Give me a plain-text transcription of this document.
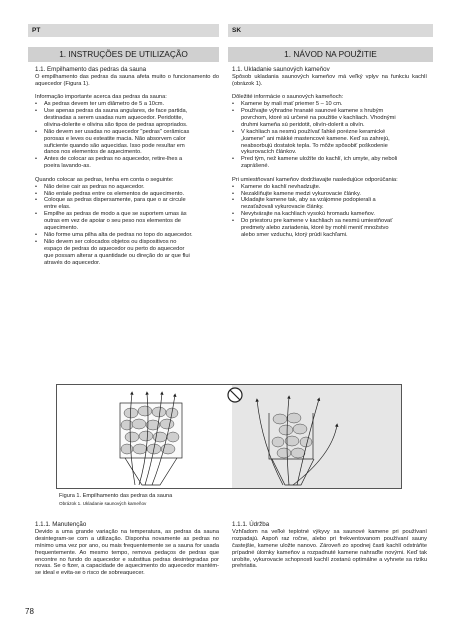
PT	SK
1. INSTRUÇÕES DE UTILIZAÇÃO	1. NÁVOD NA POUŽITIE

1.1. Empilhamento das pedras da sauna

O empilhamento das pedras da sauna afeta muito o funcionamento do aquecedor (Figura 1).

Informação importante acerca das pedras da sauna:

• As pedras devem ter um diâmetro de 5 a 10cm.
• Use apenas pedras da sauna angulares, de face partida, destinadas a serem usadas num aquecedor. Peridotite, olivina-dolerite e olivina são tipos de pedras apropriados.
• Não devem ser usadas no aquecedor "pedras" cerâmicas porosas e leves ou esteatite macia. Não absorvem calor suficiente quando são aquecidas. Isso pode resultar em danos nos elementos de aquecimento.
• Antes de colocar as pedras no aquecedor, retire-lhes a poeira lavando-as.

Quando colocar as pedras, tenha em conta o seguinte:

• Não deixe cair as pedras no aquecedor.
• Não entale pedras entre os elementos de aquecimento.
• Coloque as pedras dispersamente, para que o ar circule entre elas.
• Empilhe as pedras de modo a que se suportem umas às outras em vez de apoiar o seu peso nos elementos de aquecimento.
• Não forme uma pilha alta de pedras no topo do aquecedor.
• Não devem ser colocados objetos ou dispositivos no espaço de pedras do aquecedor ou perto do aquecedor que possam alterar a quantidade ou direção do ar que flui através do aquecedor.

1.1. Ukladanie saunových kameňov

Spôsob ukladania saunových kameňov má veľký vplyv na funkciu kachlí (obrázok 1).

Dôležité informácie o saunových kameňoch:

• Kamene by mali mať priemer 5 – 10 cm.
• Používajte výhradne hranaté saunové kamene s hrubým povrchom, ktoré sú určené na použitie v kachliach. Vhodnými druhmi kameňa sú peridotit, olivín-dolerit a olivín.
• V kachliach sa nesmú používať ľahké porézne keramické „kamene" ani mäkké mastencové kamene. Keď sa zahrejú, neabsorbujú dostatok tepla. To môže spôsobiť poškodenie vykurovacích článkov.
• Pred tým, než kamene uložíte do kachlí, ich umyte, aby neboli zaprášené.

Pri umiestňovaní kameňov dodržiavajte nasledujúce odporúčania:

• Kamene do kachlí nevhadzujte.
• Nezakliňujte kamene medzi vykurovacie články.
• Ukladajte kamene tak, aby sa vzájomne podopierali a nezaťažovali vykurovacie články.
• Nevytvárajte na kachliach vysokú hromadu kameňov.
• Do priestoru pre kamene v kachliach sa nesmú umiestňovať predmety alebo zariadenia, ktoré by mohli meniť množstvo alebo smer vzduchu, ktorý prúdi kachľami.

Figura 1. Empilhamento das pedras da sauna

Obrázok 1. Ukladanie saunových kameňov

1.1.1. Manutenção

Devido a uma grande variação na temperatura, as pedras da sauna desintegram-se com a utilização. Disponha novamente as pedras no mínimo uma vez por ano, ou mais frequentemente se a sauna for usada frequentemente. Ao mesmo tempo, remova pedaços de pedras que encontre no fundo do aquecedor e substitua pedras desintegradas por novas. Se o fizer, a capacidade de aquecimento do aquecedor mantém-se ideal e evita-se o risco de sobreaquecer.

1.1.1. Údržba

Vzhľadom na veľké teplotné výkyvy sa saunové kamene pri používaní rozpadajú. Aspoň raz ročne, alebo pri frekventovanom používaní sauny častejšie, kamene uložte nanovo. Zároveň zo spodnej časti kachlí odstráňte prípadné úlomky kameňov a rozpadnuté kamene nahraďte novými. Keď tak urobíte, vykurovacie schopnosti kachlí zostanú optimálne a vyhnete sa riziku prehriatia.

78
